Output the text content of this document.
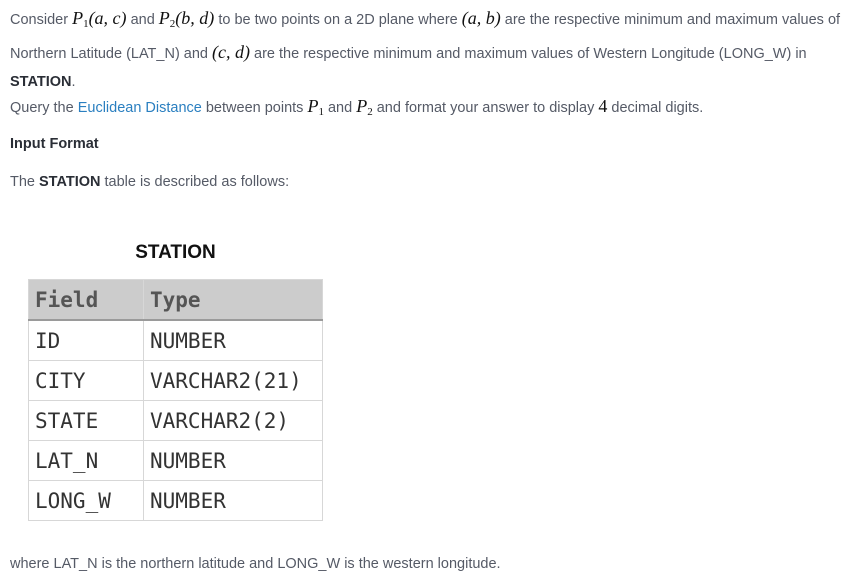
Consider $P_1(a$, c) and $P_2(b$, d) to be two points on a 2D plane where (a, b) are the respective minimum and maximum values of Northern Latitude (LAT_N) and (c, d) are the respective minimum and maximum values of Western Longitude (LONG_W) in STATION.

Query the Euclidean Distance between points $P_1$ and $P_2$ and format your answer to display 4 decimal digits.

Input Format

The STATION table is described as follows:

STATION
Field	Type
ID	NUMBER
CITY	VARCHAR2(21)
STATE	VARCHAR2(2)
LAT_N	NUMBER
LONG_W	NUMBER

where LAT_N is the northern latitude and LONG_W is the western longitude.
